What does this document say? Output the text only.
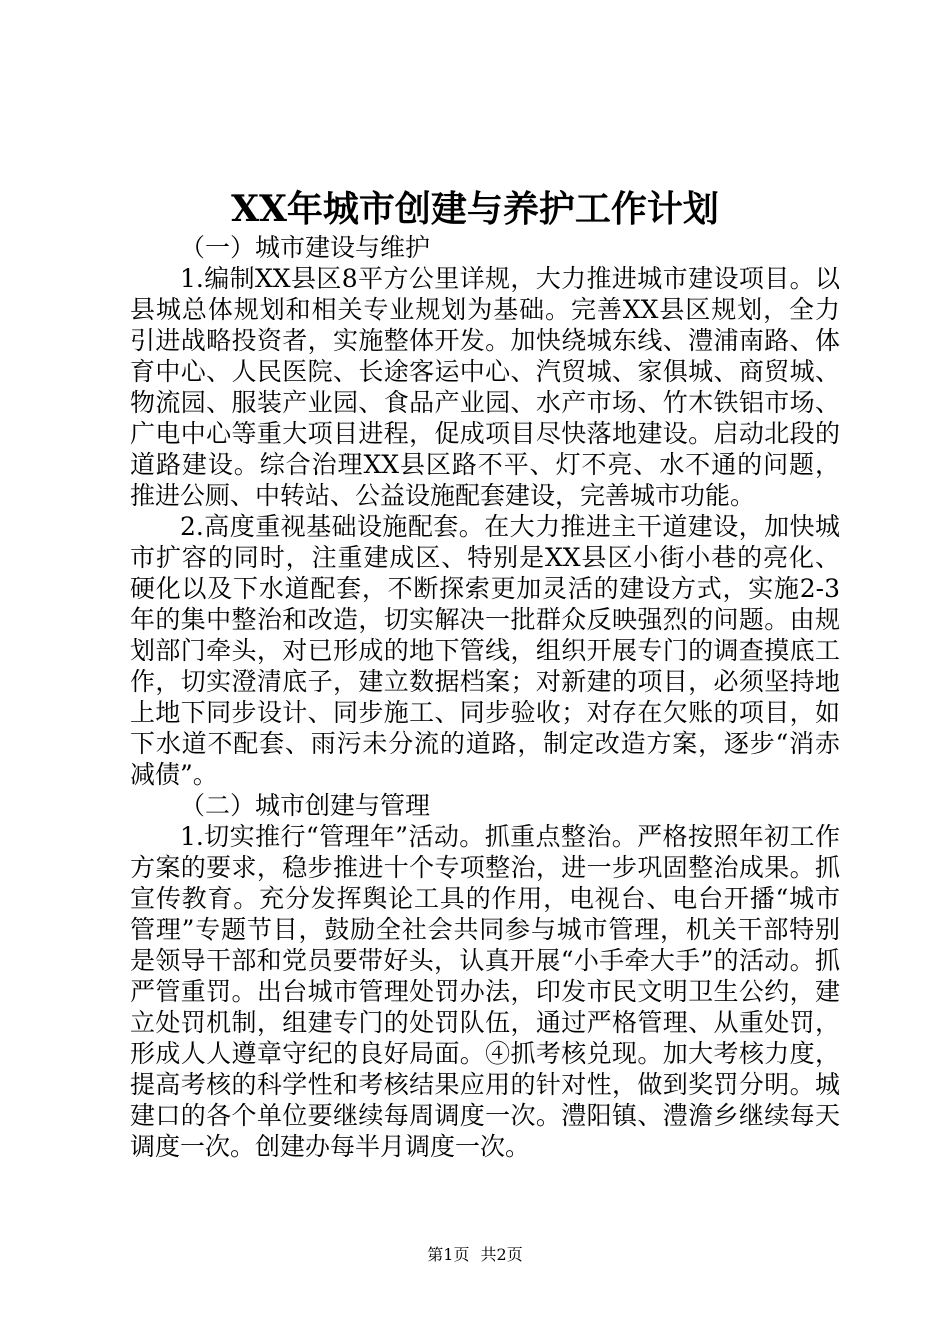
XX年城市创建与养护工作计划

（一）城市建设与维护

1.编制XX县区8平方公里详规，大力推进城市建设项目。以县城总体规划和相关专业规划为基础。完善XX县区规划，全力引进战略投资者，实施整体开发。加快绕城东线、澧浦南路、体育中心、人民医院、长途客运中心、汽贸城、家俱城、商贸城、物流园、服装产业园、食品产业园、水产市场、竹木铁铝市场、广电中心等重大项目进程，促成项目尽快落地建设。启动北段的道路建设。综合治理XX县区路不平、灯不亮、水不通的问题，推进公厕、中转站、公益设施配套建设，完善城市功能。

2.高度重视基础设施配套。在大力推进主干道建设，加快城市扩容的同时，注重建成区、特别是XX县区小街小巷的亮化、硬化以及下水道配套，不断探索更加灵活的建设方式，实施2-3年的集中整治和改造，切实解决一批群众反映强烈的问题。由规划部门牵头，对已形成的地下管线，组织开展专门的调查摸底工作，切实澄清底子，建立数据档案；对新建的项目，必须坚持地上地下同步设计、同步施工、同步验收；对存在欠账的项目，如下水道不配套、雨污未分流的道路，制定改造方案，逐步“消赤减债”。

（二）城市创建与管理

1.切实推行“管理年”活动。抓重点整治。严格按照年初工作方案的要求，稳步推进十个专项整治，进一步巩固整治成果。抓宣传教育。充分发挥舆论工具的作用，电视台、电台开播“城市管理”专题节目，鼓励全社会共同参与城市管理，机关干部特别是领导干部和党员要带好头，认真开展“小手牵大手”的活动。抓严管重罚。出台城市管理处罚办法，印发市民文明卫生公约，建立处罚机制，组建专门的处罚队伍，通过严格管理、从重处罚，形成人人遵章守纪的良好局面。④抓考核兑现。加大考核力度，提高考核的科学性和考核结果应用的针对性，做到奖罚分明。城建口的各个单位要继续每周调度一次。澧阳镇、澧澹乡继续每天调度一次。创建办每半月调度一次。

第1页 共2页
